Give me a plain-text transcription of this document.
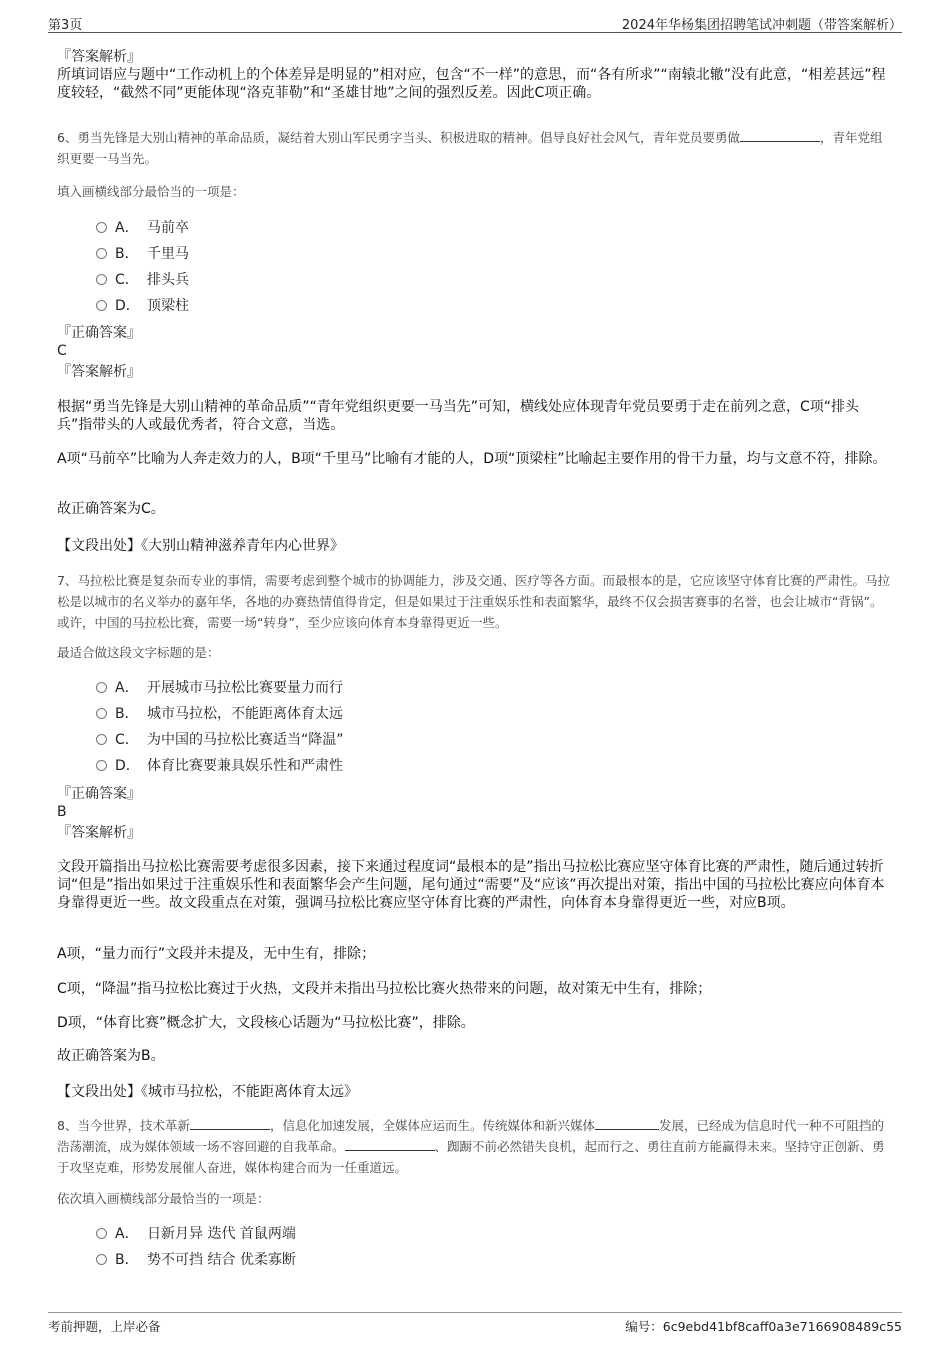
第3页	2024年华杨集团招聘笔试冲刺题（带答案解析）
『答案解析』
所填词语应与题中“工作动机上的个体差异是明显的”相对应，包含“不一样”的意思，而“各有所求”“南辕北辙”没有此意，“相差甚远”程度较轻，“截然不同”更能体现“洛克菲勒”和“圣雄甘地”之间的强烈反差。因此C项正确。
6、勇当先锋是大别山精神的革命品质，凝结着大别山军民勇字当头、积极进取的精神。倡导良好社会风气，青年党员要勇做	，青年党组织更要一马当先。
填入画横线部分最恰当的一项是：
A． 马前卒
B． 千里马
C． 排头兵
D． 顶梁柱
『正确答案』
C
『答案解析』
根据“勇当先锋是大别山精神的革命品质”“青年党组织更要一马当先”可知，横线处应体现青年党员要勇于走在前列之意，C项“排头兵”指带头的人或最优秀者，符合文意，当选。
A项“马前卒”比喻为人奔走效力的人，B项“千里马”比喻有才能的人，D项“顶梁柱”比喻起主要作用的骨干力量，均与文意不符，排除。
故正确答案为C。
【文段出处】《大别山精神滋养青年内心世界》
7、马拉松比赛是复杂而专业的事情，需要考虑到整个城市的协调能力，涉及交通、医疗等各方面。而最根本的是，它应该坚守体育比赛的严肃性。马拉松是以城市的名义举办的嘉年华，各地的办赛热情值得肯定，但是如果过于注重娱乐性和表面繁华，最终不仅会损害赛事的名誉，也会让城市“背锅”。或许，中国的马拉松比赛，需要一场“转身”，至少应该向体育本身靠得更近一些。
最适合做这段文字标题的是：
A． 开展城市马拉松比赛要量力而行
B． 城市马拉松，不能距离体育太远
C． 为中国的马拉松比赛适当“降温”
D． 体育比赛要兼具娱乐性和严肃性
『正确答案』
B
『答案解析』
文段开篇指出马拉松比赛需要考虑很多因素，接下来通过程度词“最根本的是”指出马拉松比赛应坚守体育比赛的严肃性，随后通过转折词“但是”指出如果过于注重娱乐性和表面繁华会产生问题，尾句通过“需要”及“应该”再次提出对策，指出中国的马拉松比赛应向体育本身靠得更近一些。故文段重点在对策，强调马拉松比赛应坚守体育比赛的严肃性，向体育本身靠得更近一些，对应B项。
A项，“量力而行”文段并未提及，无中生有，排除；
C项，“降温”指马拉松比赛过于火热，文段并未指出马拉松比赛火热带来的问题，故对策无中生有，排除；
D项，“体育比赛”概念扩大，文段核心话题为“马拉松比赛”，排除。
故正确答案为B。
【文段出处】《城市马拉松，不能距离体育太远》
8、当今世界，技术革新	，信息化加速发展，全媒体应运而生。传统媒体和新兴媒体	发展，已经成为信息时代一种不可阻挡的浩荡潮流，成为媒体领域一场不容回避的自我革命。	、踟蹰不前必然错失良机，起而行之、勇往直前方能赢得未来。坚持守正创新、勇于攻坚克难，形势发展催人奋进，媒体构建合而为一任重道远。
依次填入画横线部分最恰当的一项是：
A． 日新月异 迭代 首鼠两端
B． 势不可挡 结合 优柔寡断
考前押题，上岸必备	编号：6c9ebd41bf8caff0a3e7166908489c55
